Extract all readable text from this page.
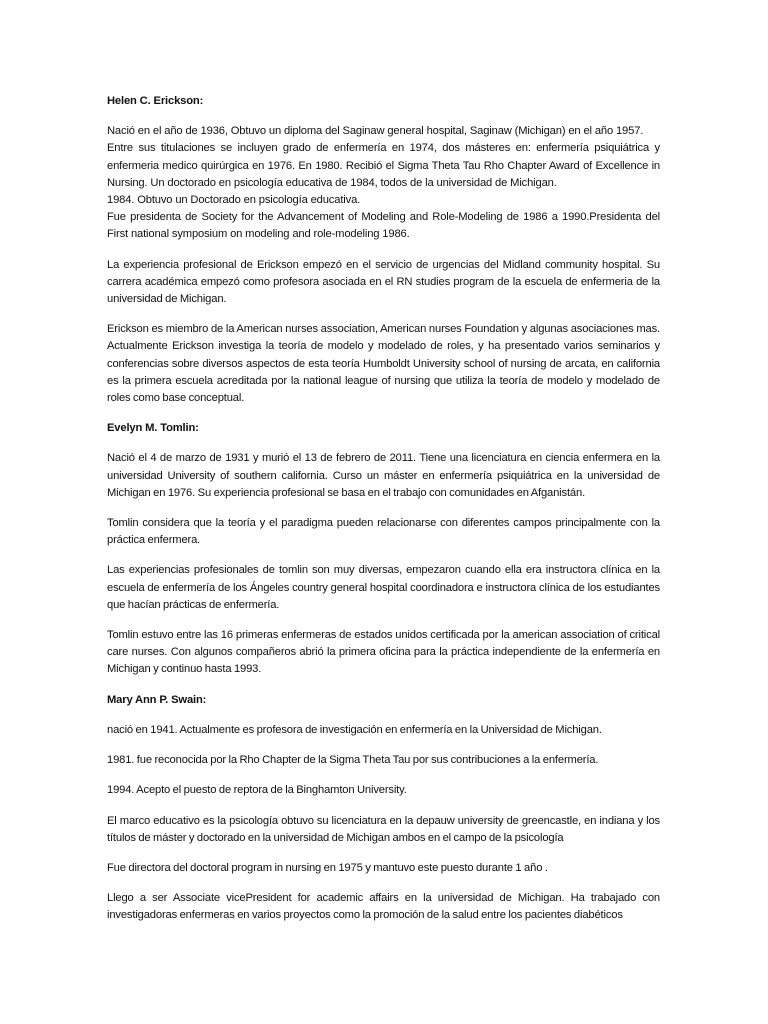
Helen C. Erickson:
Nació en el año de 1936, Obtuvo un diploma del Saginaw general hospital, Saginaw (Michigan) en el año 1957.
Entre sus titulaciones se incluyen grado de enfermería en 1974, dos másteres en: enfermería psiquiátrica y enfermeria medico quirúrgica en 1976. En 1980. Recibió el Sigma Theta Tau Rho Chapter Award of Excellence in Nursing. Un doctorado en psicología educativa de 1984, todos de la universidad de Michigan.
1984. Obtuvo un Doctorado en psicología educativa.
Fue presidenta de Society for the Advancement of Modeling and Role-Modeling de 1986 a 1990.Presidenta del First national symposium on modeling and role-modeling 1986.
La experiencia profesional de Erickson empezó en el servicio de urgencias del Midland community hospital. Su carrera académica empezó como profesora asociada en el RN studies program de la escuela de enfermeria de la universidad de Michigan.
Erickson es miembro de la American nurses association, American nurses Foundation y algunas asociaciones mas. Actualmente Erickson investiga la teoría de modelo y modelado de roles, y ha presentado varios seminarios y conferencias sobre diversos aspectos de esta teoría Humboldt University school of nursing de arcata, en california es la primera escuela acreditada por la national league of nursing que utiliza la teoría de modelo y modelado de roles como base conceptual.
Evelyn M. Tomlin:
Nació el 4 de marzo de 1931 y murió el 13 de febrero de 2011. Tiene una licenciatura en ciencia enfermera en la universidad University of southern california. Curso un máster en enfermería psiquiátrica en la universidad de Michigan en 1976. Su experiencia profesional se basa en el trabajo con comunidades en Afganistán.
Tomlin considera que la teoría y el paradigma pueden relacionarse con diferentes campos principalmente con la práctica enfermera.
Las experiencias profesionales de tomlin son muy diversas, empezaron cuando ella era instructora clínica en la escuela de enfermería de los Ángeles country general hospital coordinadora e instructora clínica de los estudiantes que hacían prácticas de enfermería.
Tomlin estuvo entre las 16 primeras enfermeras de estados unidos certificada por la american association of critical care nurses. Con algunos compañeros abrió la primera oficina para la práctica independiente de la enfermería en Michigan y continuo hasta 1993.
Mary Ann P. Swain:
nació en 1941. Actualmente es profesora de investigación en enfermería en la Universidad de Michigan.
1981. fue reconocida por la Rho Chapter de la Sigma Theta Tau por sus contribuciones a la enfermería.
1994. Acepto el puesto de reptora de la Binghamton University.
El marco educativo es la psicología obtuvo su licenciatura en la depauw university de greencastle, en indiana y los títulos de máster y doctorado en la universidad de Michigan ambos en el campo de la psicología
Fue directora del doctoral program in nursing en 1975 y mantuvo este puesto durante 1 año .
Llego a ser Associate vicePresident for academic affairs en la universidad de Michigan. Ha trabajado con investigadoras enfermeras en varios proyectos como la promoción de la salud entre los pacientes diabéticos
